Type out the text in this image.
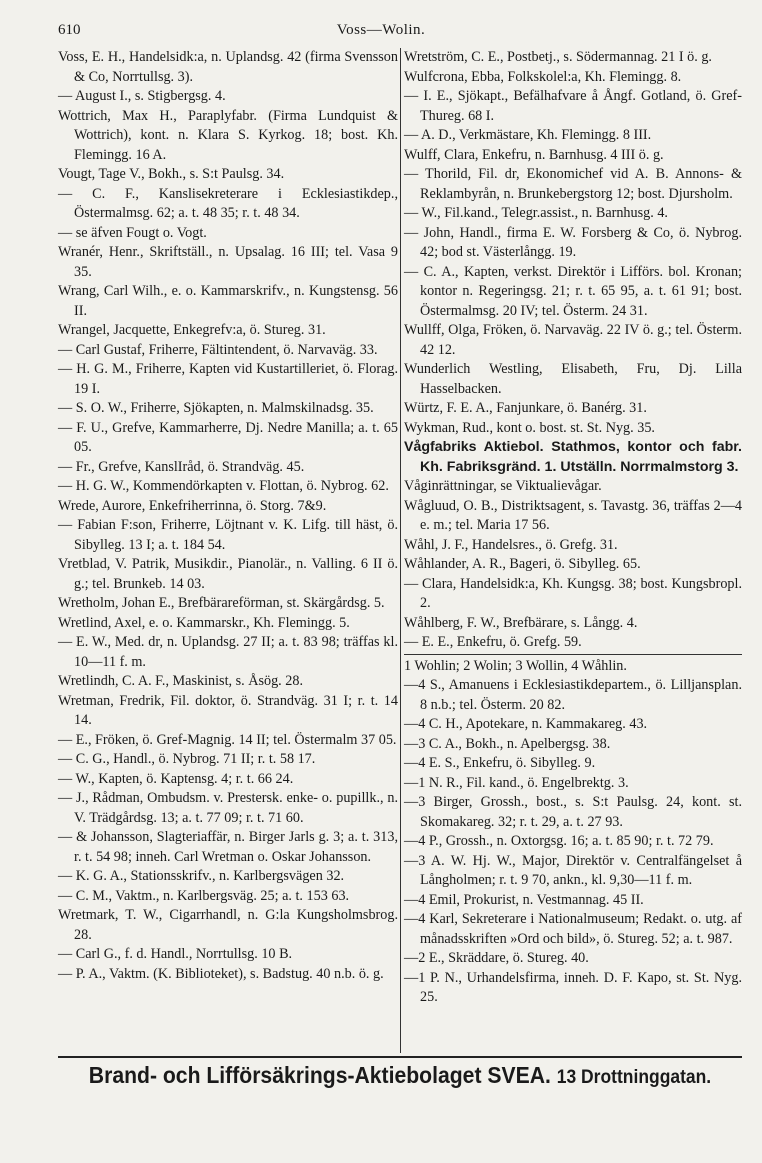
610	Voss—Wolin.

Voss, E. H., Handelsidk:a, n. Uplandsg. 42 (firma Svensson & Co, Norrtullsg. 3).

— August I., s. Stigbergsg. 4.

Wottrich, Max H., Paraplyfabr. (Firma Lundquist & Wottrich), kont. n. Klara S. Kyrkog. 18; bost. Kh. Flemingg. 16 A.

Vougt, Tage V., Bokh., s. S:t Paulsg. 34.

— C. F., Kanslisekreterare i Ecklesiastikdep., Östermalmsg. 62; a. t. 48 35; r. t. 48 34.

— se äfven Fougt o. Vogt.

Wranér, Henr., Skriftställ., n. Upsalag. 16 III; tel. Vasa 9 35.

Wrang, Carl Wilh., e. o. Kammarskrifv., n. Kungstensg. 56 II.

Wrangel, Jacquette, Enkegrefv:a, ö. Stureg. 31.

— Carl Gustaf, Friherre, Fältintendent, ö. Narvaväg. 33.

— H. G. M., Friherre, Kapten vid Kustartilleriet, ö. Florag. 19 I.

— S. O. W., Friherre, Sjökapten, n. Malmskilnadsg. 35.

— F. U., Grefve, Kammarherre, Dj. Nedre Manilla; a. t. 65 05.

— Fr., Grefve, KanslIråd, ö. Strandväg. 45.

— H. G. W., Kommendörkapten v. Flottan, ö. Nybrog. 62.

Wrede, Aurore, Enkefriherrinna, ö. Storg. 7&9.

— Fabian F:son, Friherre, Löjtnant v. K. Lifg. till häst, ö. Sibylleg. 13 I; a. t. 184 54.

Vretblad, V. Patrik, Musikdir., Pianolär., n. Valling. 6 II ö. g.; tel. Brunkeb. 14 03.

Wretholm, Johan E., Brefbärareförman, st. Skärgårdsg. 5.

Wretlind, Axel, e. o. Kammarskr., Kh. Flemingg. 5.

— E. W., Med. dr, n. Uplandsg. 27 II; a. t. 83 98; träffas kl. 10—11 f. m.

Wretlindh, C. A. F., Maskinist, s. Åsög. 28.

Wretman, Fredrik, Fil. doktor, ö. Strandväg. 31 I; r. t. 14 14.

— E., Fröken, ö. Gref-Magnig. 14 II; tel. Östermalm 37 05.

— C. G., Handl., ö. Nybrog. 71 II; r. t. 58 17.

— W., Kapten, ö. Kaptensg. 4; r. t. 66 24.

— J., Rådman, Ombudsm. v. Prestersk. enke- o. pupillk., n. V. Trädgårdsg. 13; a. t. 77 09; r. t. 71 60.

— & Johansson, Slagteriaffär, n. Birger Jarls g. 3; a. t. 313, r. t. 54 98; inneh. Carl Wretman o. Oskar Johansson.

— K. G. A., Stationsskrifv., n. Karlbergsvägen 32.

— C. M., Vaktm., n. Karlbergsväg. 25; a. t. 153 63.

Wretmark, T. W., Cigarrhandl, n. G:la Kungsholmsbrog. 28.

— Carl G., f. d. Handl., Norrtullsg. 10 B.

— P. A., Vaktm. (K. Biblioteket), s. Badstug. 40 n.b. ö. g.

Wretström, C. E., Postbetj., s. Södermannag. 21 I ö. g.

Wulfcrona, Ebba, Folkskolel:a, Kh. Flemingg. 8.

— I. E., Sjökapt., Befälhafvare å Ångf. Gotland, ö. Gref-Thureg. 68 I.

— A. D., Verkmästare, Kh. Flemingg. 8 III.

Wulff, Clara, Enkefru, n. Barnhusg. 4 III ö. g.

— Thorild, Fil. dr, Ekonomichef vid A. B. Annons- & Reklambyrån, n. Brunkebergstorg 12; bost. Djursholm.

— W., Fil.kand., Telegr.assist., n. Barnhusg. 4.

— John, Handl., firma E. W. Forsberg & Co, ö. Nybrog. 42; bod st. Västerlångg. 19.

— C. A., Kapten, verkst. Direktör i Lifförs. bol. Kronan; kontor n. Regeringsg. 21; r. t. 65 95, a. t. 61 91; bost. Östermalmsg. 20 IV; tel. Österm. 24 31.

Wullff, Olga, Fröken, ö. Narvaväg. 22 IV ö. g.; tel. Österm. 42 12.

Wunderlich Westling, Elisabeth, Fru, Dj. Lilla Hasselbacken.

Würtz, F. E. A., Fanjunkare, ö. Banérg. 31.

Wykman, Rud., kont o. bost. st. St. Nyg. 35.

Vågfabriks Aktiebol. Stathmos, kontor och fabr. Kh. Fabriksgränd. 1. Utställn. Norrmalmstorg 3.

Våginrättningar, se Viktualievågar.

Wågluud, O. B., Distriktsagent, s. Tavastg. 36, träffas 2—4 e. m.; tel. Maria 17 56.

Wåhl, J. F., Handelsres., ö. Grefg. 31.

Wåhlander, A. R., Bageri, ö. Sibylleg. 65.

— Clara, Handelsidk:a, Kh. Kungsg. 38; bost. Kungsbropl. 2.

Wåhlberg, F. W., Brefbärare, s. Långg. 4.

— E. E., Enkefru, ö. Grefg. 59.

1 Wohlin; 2 Wolin; 3 Wollin, 4 Wåhlin.

—4 S., Amanuens i Ecklesiastikdepartem., ö. Lilljansplan. 8 n.b.; tel. Österm. 20 82.

—4 C. H., Apotekare, n. Kammakareg. 43.

—3 C. A., Bokh., n. Apelbergsg. 38.

—4 E. S., Enkefru, ö. Sibylleg. 9.

—1 N. R., Fil. kand., ö. Engelbrektg. 3.

—3 Birger, Grossh., bost., s. S:t Paulsg. 24, kont. st. Skomakareg. 32; r. t. 29, a. t. 27 93.

—4 P., Grossh., n. Oxtorgsg. 16; a. t. 85 90; r. t. 72 79.

—3 A. W. Hj. W., Major, Direktör v. Centralfängelset å Långholmen; r. t. 9 70, ankn., kl. 9,30—11 f. m.

—4 Emil, Prokurist, n. Vestmannag. 45 II.

—4 Karl, Sekreterare i Nationalmuseum; Redakt. o. utg. af månadsskriften »Ord och bild», ö. Stureg. 52; a. t. 987.

—2 E., Skräddare, ö. Stureg. 40.

—1 P. N., Urhandelsfirma, inneh. D. F. Kapo, st. St. Nyg. 25.

Brand- och Lifförsäkrings-Aktiebolaget SVEA. 13 Drottninggatan.
